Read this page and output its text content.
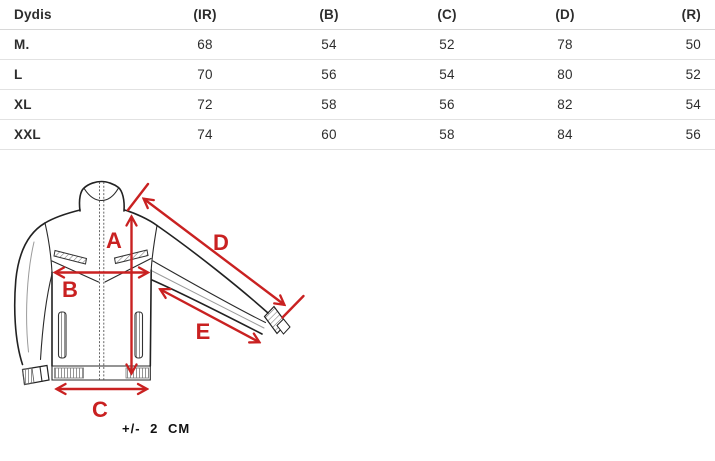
Dydis	(IR)	(B)	(C)	(D)	(R)
M.	68	54	52	78	50
L	70	56	54	80	52
XL	72	58	56	82	54
XXL	74	60	58	84	56
A
B
C
D
E
+/- 2 CM
